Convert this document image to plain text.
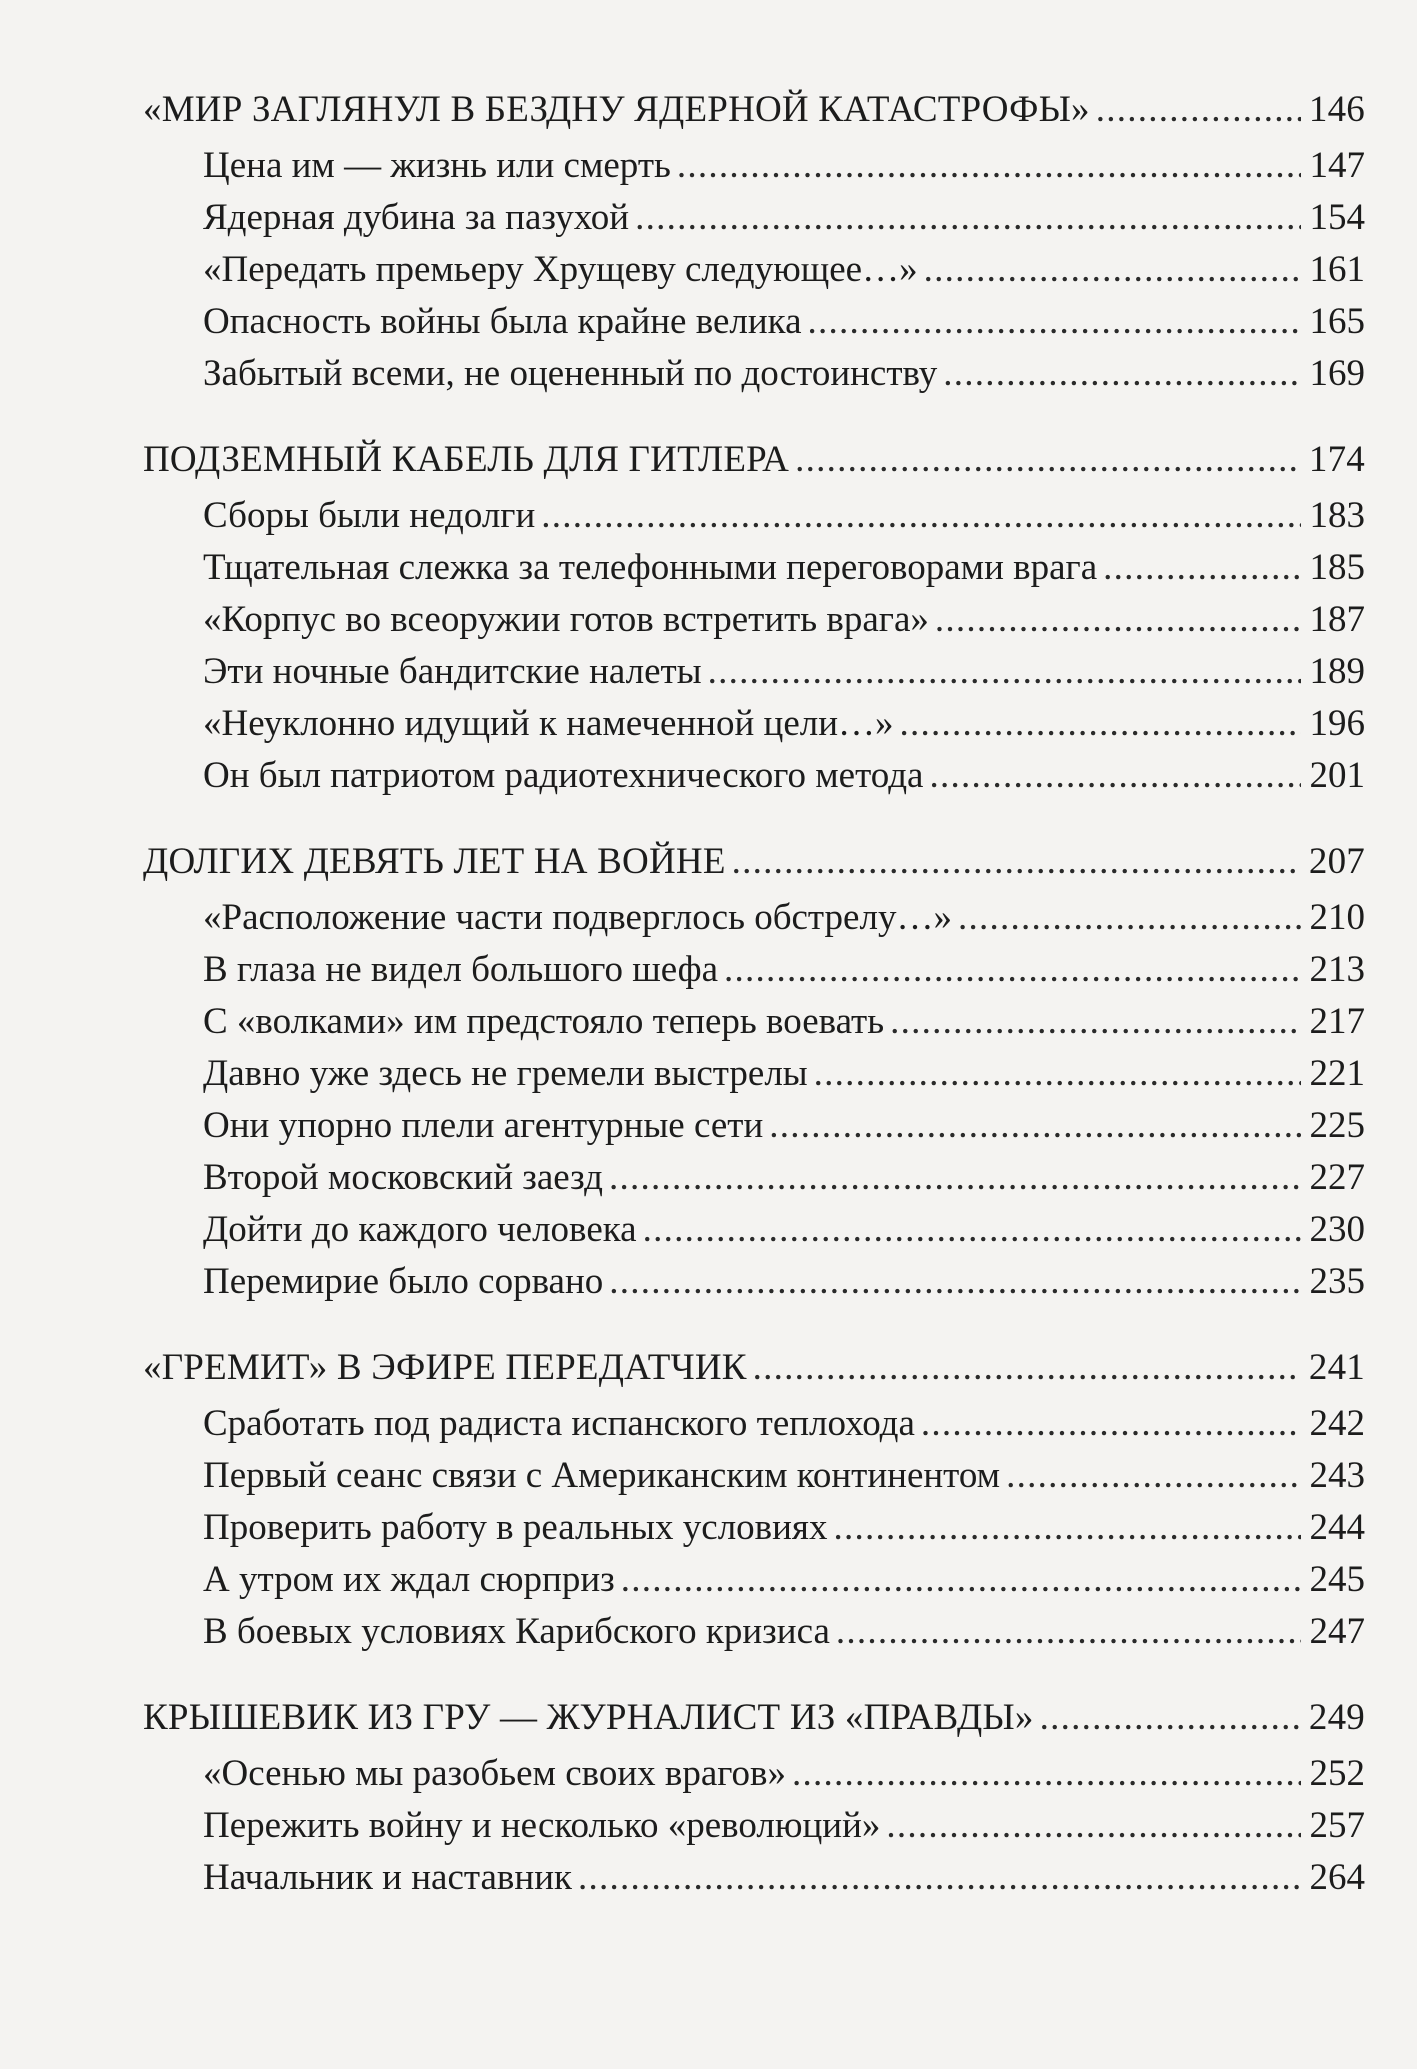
«МИР ЗАГЛЯНУЛ В БЕЗДНУ ЯДЕРНОЙ КАТАСТРОФЫ» . . .	146
Цена им — жизнь или смерть . . .	147
Ядерная дубина за пазухой . . .	154
«Передать премьеру Хрущеву следующее…» . . .	161
Опасность войны была крайне велика . . .	165
Забытый всеми, не оцененный по достоинству . . .	169
ПОДЗЕМНЫЙ КАБЕЛЬ ДЛЯ ГИТЛЕРА . . .	174
Сборы были недолги . . .	183
Тщательная слежка за телефонными переговорами врага . . .	185
«Корпус во всеоружии готов встретить врага» . . .	187
Эти ночные бандитские налеты . . .	189
«Неуклонно идущий к намеченной цели…» . . .	196
Он был патриотом радиотехнического метода . . .	201
ДОЛГИХ ДЕВЯТЬ ЛЕТ НА ВОЙНЕ . . .	207
«Расположение части подверглось обстрелу…» . . .	210
В глаза не видел большого шефа . . .	213
С «волками» им предстояло теперь воевать . . .	217
Давно уже здесь не гремели выстрелы . . .	221
Они упорно плели агентурные сети . . .	225
Второй московский заезд . . .	227
Дойти до каждого человека . . .	230
Перемирие было сорвано . . .	235
«ГРЕМИТ» В ЭФИРЕ ПЕРЕДАТЧИК . . .	241
Сработать под радиста испанского теплохода . . .	242
Первый сеанс связи с Американским континентом . . .	243
Проверить работу в реальных условиях . . .	244
А утром их ждал сюрприз . . .	245
В боевых условиях Карибского кризиса . . .	247
КРЫШЕВИК ИЗ ГРУ — ЖУРНАЛИСТ ИЗ «ПРАВДЫ» . . .	249
«Осенью мы разобьем своих врагов» . . .	252
Пережить войну и несколько «революций» . . .	257
Начальник и наставник . . .	264
